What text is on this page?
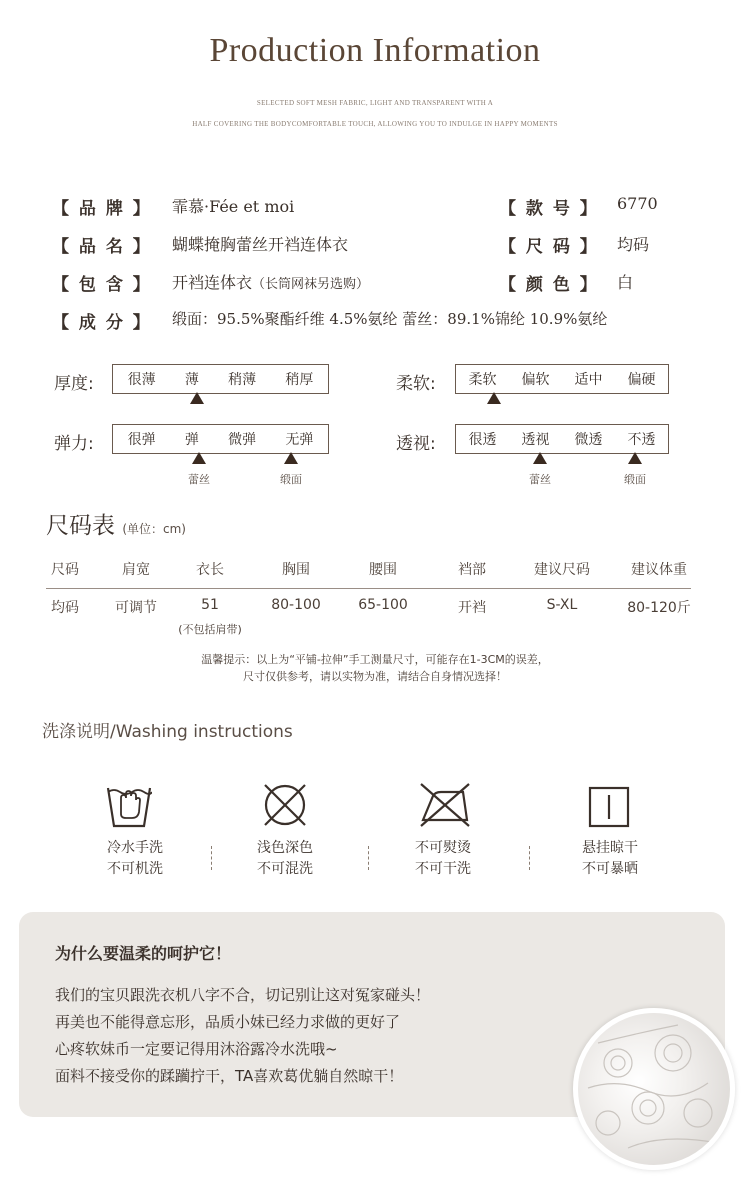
Production Information
SELECTED SOFT MESH FABRIC, LIGHT AND TRANSPARENT WITH A
HALF COVERING THE BODYCOMFORTABLE TOUCH, ALLOWING YOU TO INDULGE IN HAPPY MOMENTS
【 品 牌 】 霏慕·Fée et moi	【 款 号 】 6770
【 品 名 】 蝴蝶掩胸蕾丝开裆连体衣	【 尺 码 】 均码
【 包 含 】 开裆连体衣（长筒网袜另选购）	【 颜 色 】 白
【 成 分 】 缎面：95.5%聚酯纤维 4.5%氨纶 蕾丝：89.1%锦纶 10.9%氨纶
厚度: 很薄 薄 稍薄 稍厚	柔软: 柔软 偏软 适中 偏硬
弹力: 很弹 弹 微弹 无弹
蕾丝	缎面
透视: 很透 透视 微透 不透
蕾丝	缎面
尺码表 (单位：cm)
尺码	肩宽	衣长	胸围	腰围	裆部	建议尺码	建议体重
均码	可调节	51	80-100	65-100	开裆	S-XL	80-120斤
(不包括肩带)
温馨提示：以上为“平铺-拉伸”手工测量尺寸，可能存在1-3CM的误差，
尺寸仅供参考，请以实物为准，请结合自身情况选择！
洗涤说明/Washing instructions
冷水手洗
不可机洗
浅色深色
不可混洗
不可熨烫
不可干洗
悬挂晾干
不可暴晒
为什么要温柔的呵护它！
我们的宝贝跟洗衣机八字不合，切记别让这对冤家碰头！
再美也不能得意忘形，品质小妹已经力求做的更好了
心疼软妹币一定要记得用沐浴露冷水洗哦~
面料不接受你的蹂躏拧干，TA喜欢葛优躺自然晾干！
